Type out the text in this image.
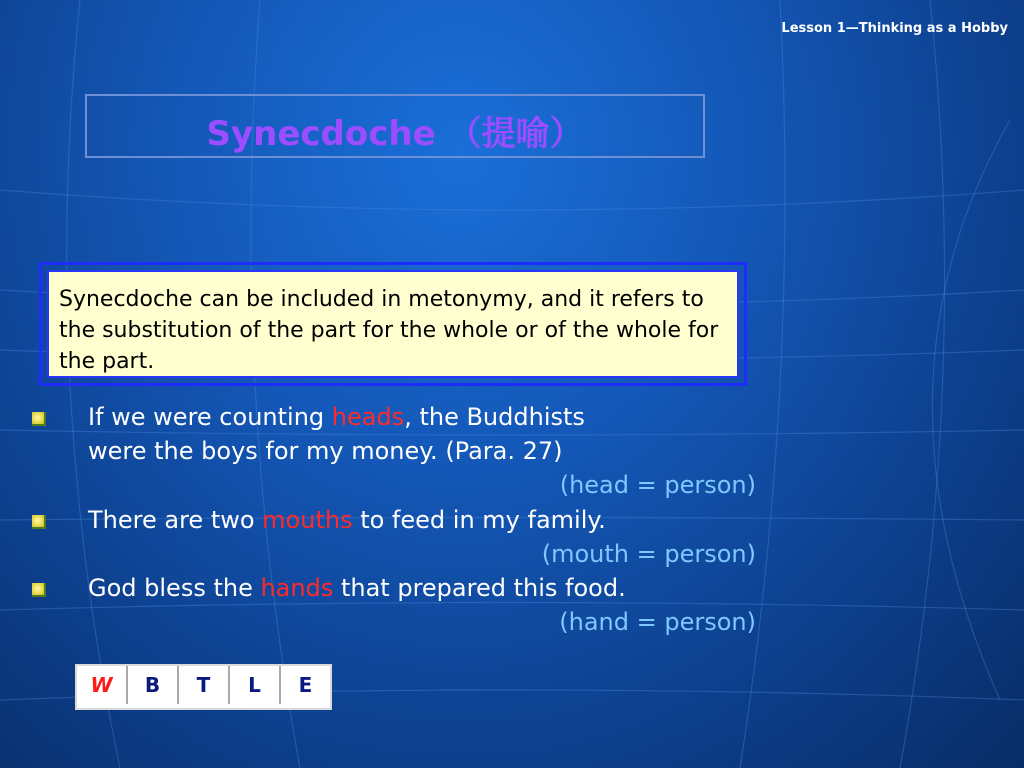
Lesson 1—Thinking as a Hobby
Synecdoche （提喻）
Synecdoche can be included in metonymy, and it refers to the substitution of the part for the whole or of the whole for the part.
If we were counting heads, the Buddhists
were the boys for my money. (Para. 27)
(head = person)
There are two mouths to feed in my family.
(mouth = person)
God bless the hands that prepared this food.
(hand = person)
W	B	T	L	E
